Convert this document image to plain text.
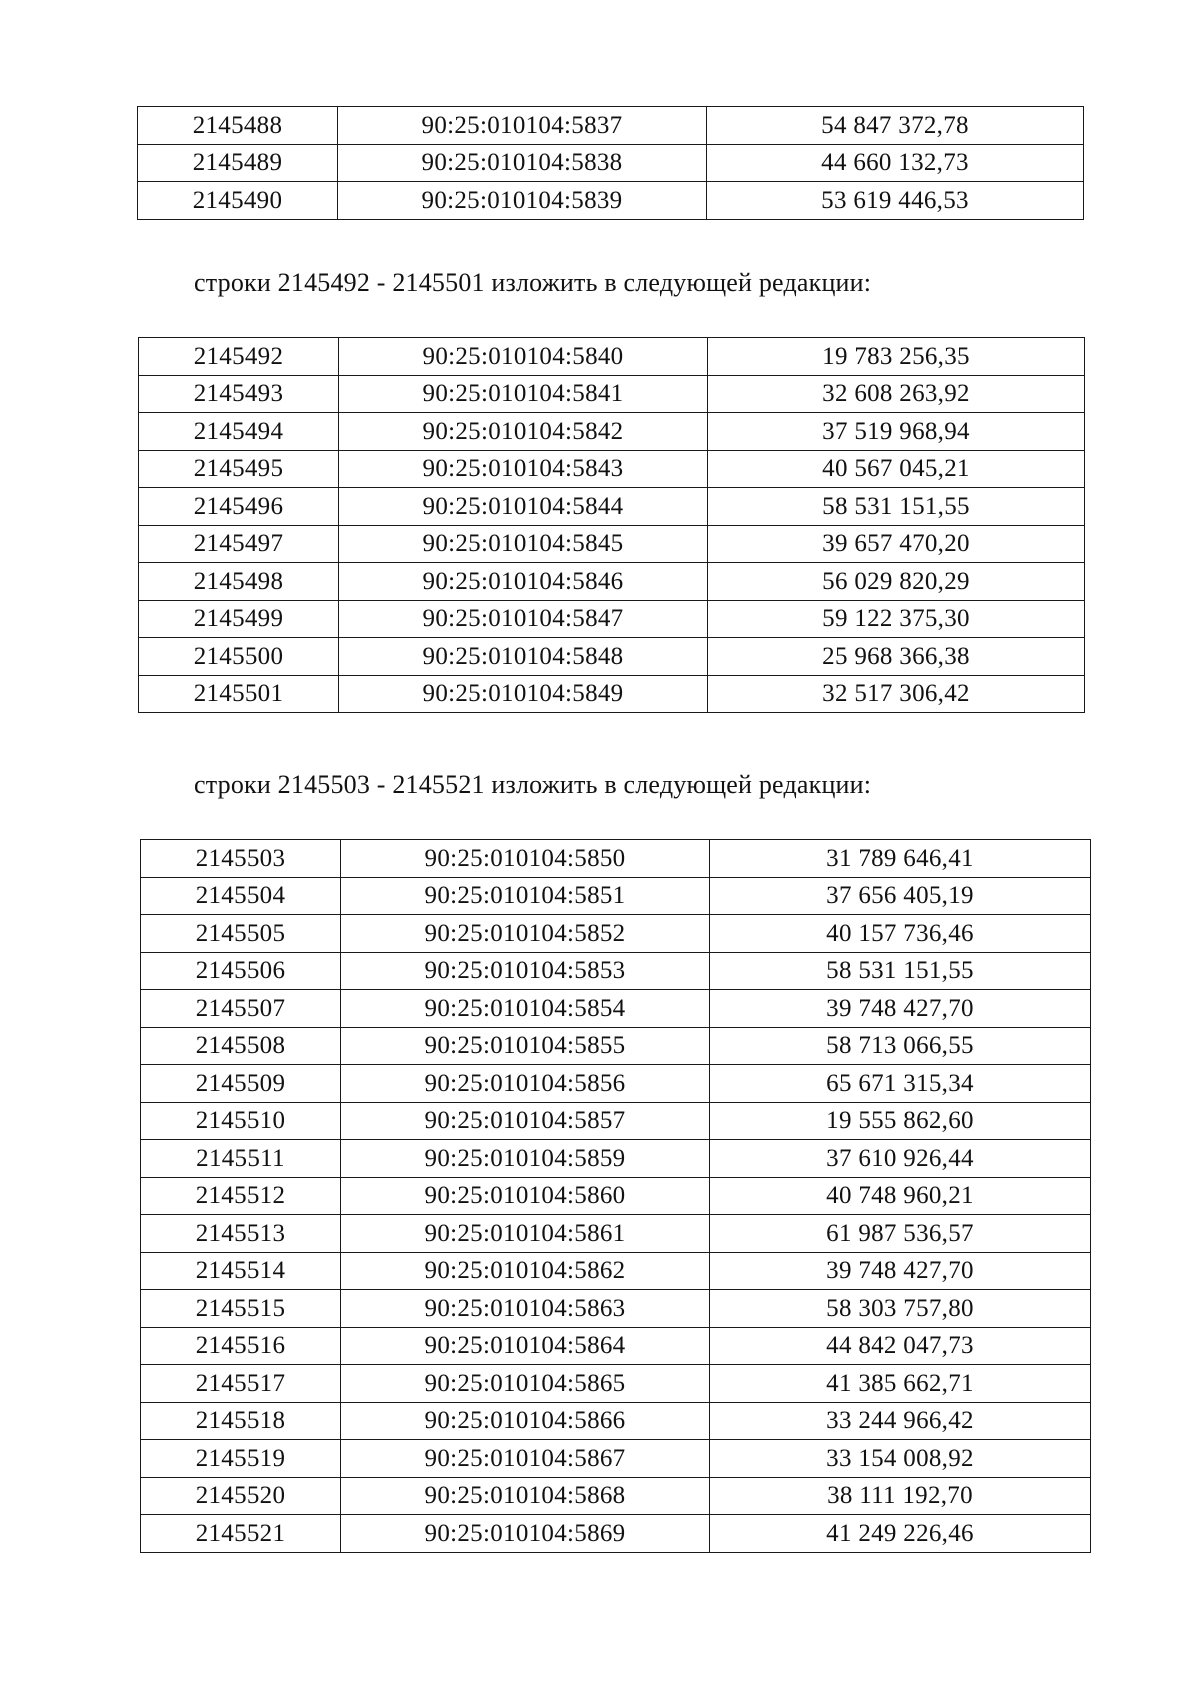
2145488	90:25:010104:5837	54 847 372,78
2145489	90:25:010104:5838	44 660 132,73
2145490	90:25:010104:5839	53 619 446,53
строки 2145492 - 2145501 изложить в следующей редакции:
2145492	90:25:010104:5840	19 783 256,35
2145493	90:25:010104:5841	32 608 263,92
2145494	90:25:010104:5842	37 519 968,94
2145495	90:25:010104:5843	40 567 045,21
2145496	90:25:010104:5844	58 531 151,55
2145497	90:25:010104:5845	39 657 470,20
2145498	90:25:010104:5846	56 029 820,29
2145499	90:25:010104:5847	59 122 375,30
2145500	90:25:010104:5848	25 968 366,38
2145501	90:25:010104:5849	32 517 306,42
строки 2145503 - 2145521 изложить в следующей редакции:
2145503	90:25:010104:5850	31 789 646,41
2145504	90:25:010104:5851	37 656 405,19
2145505	90:25:010104:5852	40 157 736,46
2145506	90:25:010104:5853	58 531 151,55
2145507	90:25:010104:5854	39 748 427,70
2145508	90:25:010104:5855	58 713 066,55
2145509	90:25:010104:5856	65 671 315,34
2145510	90:25:010104:5857	19 555 862,60
2145511	90:25:010104:5859	37 610 926,44
2145512	90:25:010104:5860	40 748 960,21
2145513	90:25:010104:5861	61 987 536,57
2145514	90:25:010104:5862	39 748 427,70
2145515	90:25:010104:5863	58 303 757,80
2145516	90:25:010104:5864	44 842 047,73
2145517	90:25:010104:5865	41 385 662,71
2145518	90:25:010104:5866	33 244 966,42
2145519	90:25:010104:5867	33 154 008,92
2145520	90:25:010104:5868	38 111 192,70
2145521	90:25:010104:5869	41 249 226,46
